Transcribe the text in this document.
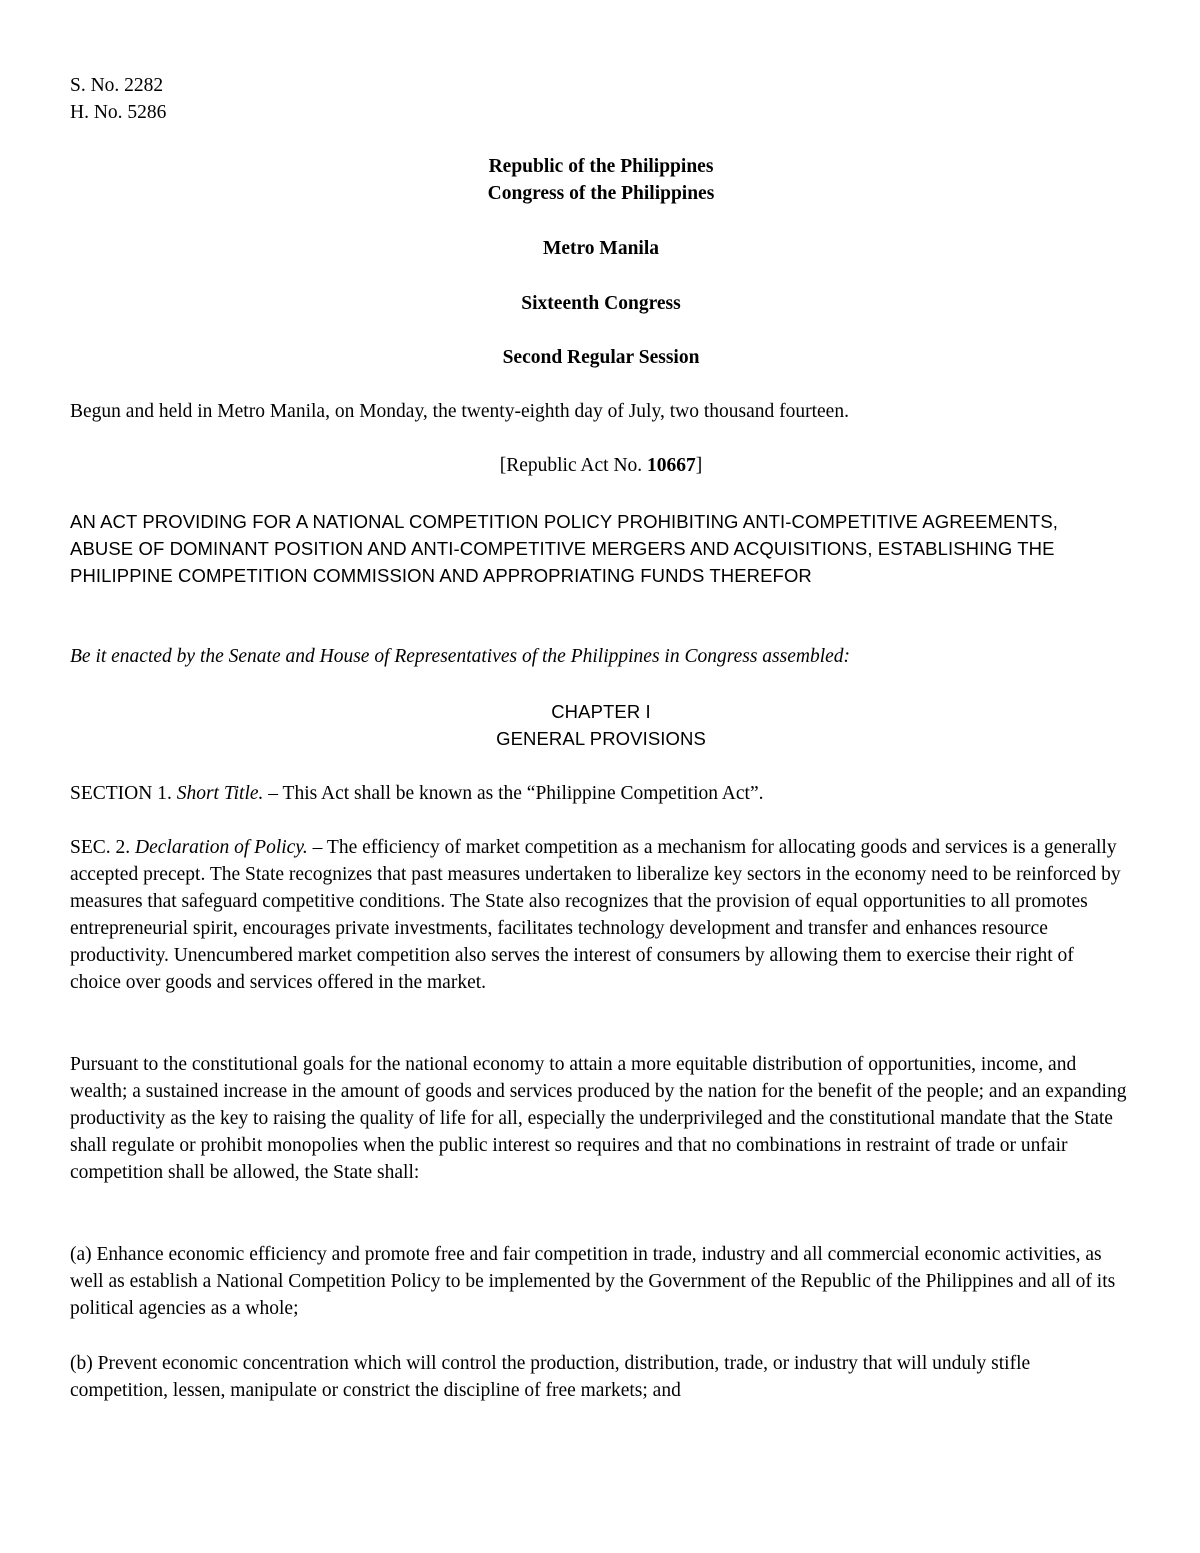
S. No. 2282
H. No. 5286
Republic of the Philippines
Congress of the Philippines
Metro Manila
Sixteenth Congress
Second Regular Session
Begun and held in Metro Manila, on Monday, the twenty-eighth day of July, two thousand fourteen.
[Republic Act No. 10667]
AN ACT PROVIDING FOR A NATIONAL COMPETITION POLICY PROHIBITING ANTI-COMPETITIVE AGREEMENTS, ABUSE OF DOMINANT POSITION AND ANTI-COMPETITIVE MERGERS AND ACQUISITIONS, ESTABLISHING THE PHILIPPINE COMPETITION COMMISSION AND APPROPRIATING FUNDS THEREFOR
Be it enacted by the Senate and House of Representatives of the Philippines in Congress assembled:
CHAPTER I
GENERAL PROVISIONS
SECTION 1. Short Title. – This Act shall be known as the “Philippine Competition Act”.
SEC. 2. Declaration of Policy. – The efficiency of market competition as a mechanism for allocating goods and services is a generally accepted precept. The State recognizes that past measures undertaken to liberalize key sectors in the economy need to be reinforced by measures that safeguard competitive conditions. The State also recognizes that the provision of equal opportunities to all promotes entrepreneurial spirit, encourages private investments, facilitates technology development and transfer and enhances resource productivity. Unencumbered market competition also serves the interest of consumers by allowing them to exercise their right of choice over goods and services offered in the market.
Pursuant to the constitutional goals for the national economy to attain a more equitable distribution of opportunities, income, and wealth; a sustained increase in the amount of goods and services produced by the nation for the benefit of the people; and an expanding productivity as the key to raising the quality of life for all, especially the underprivileged and the constitutional mandate that the State shall regulate or prohibit monopolies when the public interest so requires and that no combinations in restraint of trade or unfair competition shall be allowed, the State shall:
(a) Enhance economic efficiency and promote free and fair competition in trade, industry and all commercial economic activities, as well as establish a National Competition Policy to be implemented by the Government of the Republic of the Philippines and all of its political agencies as a whole;
(b) Prevent economic concentration which will control the production, distribution, trade, or industry that will unduly stifle competition, lessen, manipulate or constrict the discipline of free markets; and
